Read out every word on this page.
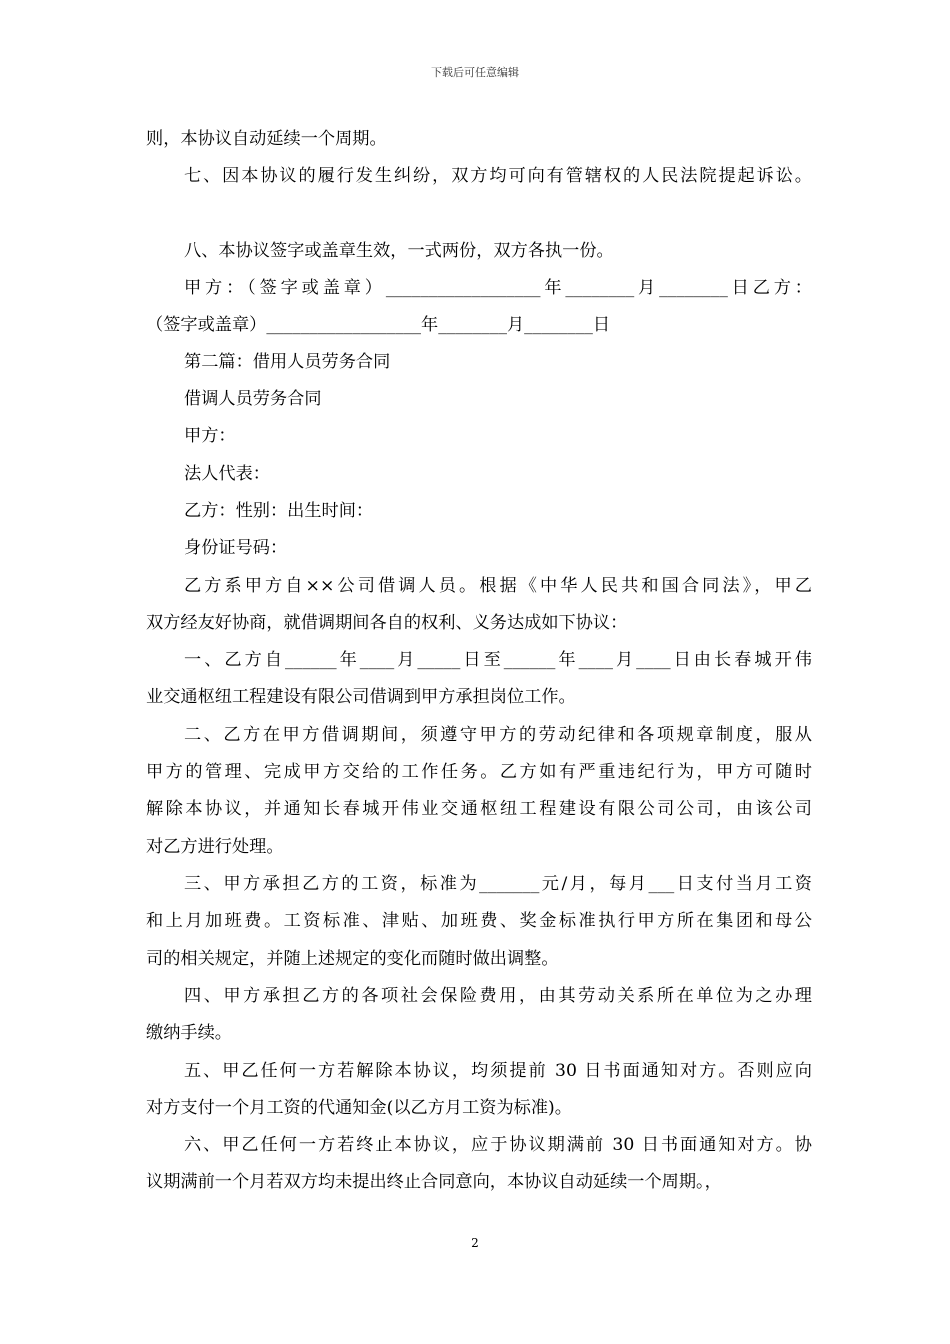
下载后可任意编辑
则，本协议自动延续一个周期。
七、因本协议的履行发生纠纷，双方均可向有管辖权的人民法院提起诉讼。
八、本协议签字或盖章生效，一式两份，双方各执一份。
甲方：（签字或盖章）__________________年________月________日乙方：
（签字或盖章）__________________年________月________日
第二篇：借用人员劳务合同
借调人员劳务合同
甲方：
法人代表：
乙方：性别：出生时间：
身份证号码：
乙方系甲方自××公司借调人员。根据《中华人民共和国合同法》，甲乙
双方经友好协商，就借调期间各自的权利、义务达成如下协议：
一、乙方自______年____月_____日至______年____月____日由长春城开伟
业交通枢纽工程建设有限公司借调到甲方承担岗位工作。
二、乙方在甲方借调期间，须遵守甲方的劳动纪律和各项规章制度，服从
甲方的管理、完成甲方交给的工作任务。乙方如有严重违纪行为，甲方可随时
解除本协议，并通知长春城开伟业交通枢纽工程建设有限公司公司，由该公司
对乙方进行处理。
三、甲方承担乙方的工资，标准为_______元/月，每月___日支付当月工资
和上月加班费。工资标准、津贴、加班费、奖金标准执行甲方所在集团和母公
司的相关规定，并随上述规定的变化而随时做出调整。
四、甲方承担乙方的各项社会保险费用，由其劳动关系所在单位为之办理
缴纳手续。
五、甲乙任何一方若解除本协议，均须提前 30 日书面通知对方。否则应向
对方支付一个月工资的代通知金(以乙方月工资为标准)。
六、甲乙任何一方若终止本协议，应于协议期满前 30 日书面通知对方。协
议期满前一个月若双方均未提出终止合同意向，本协议自动延续一个周期。，
2
